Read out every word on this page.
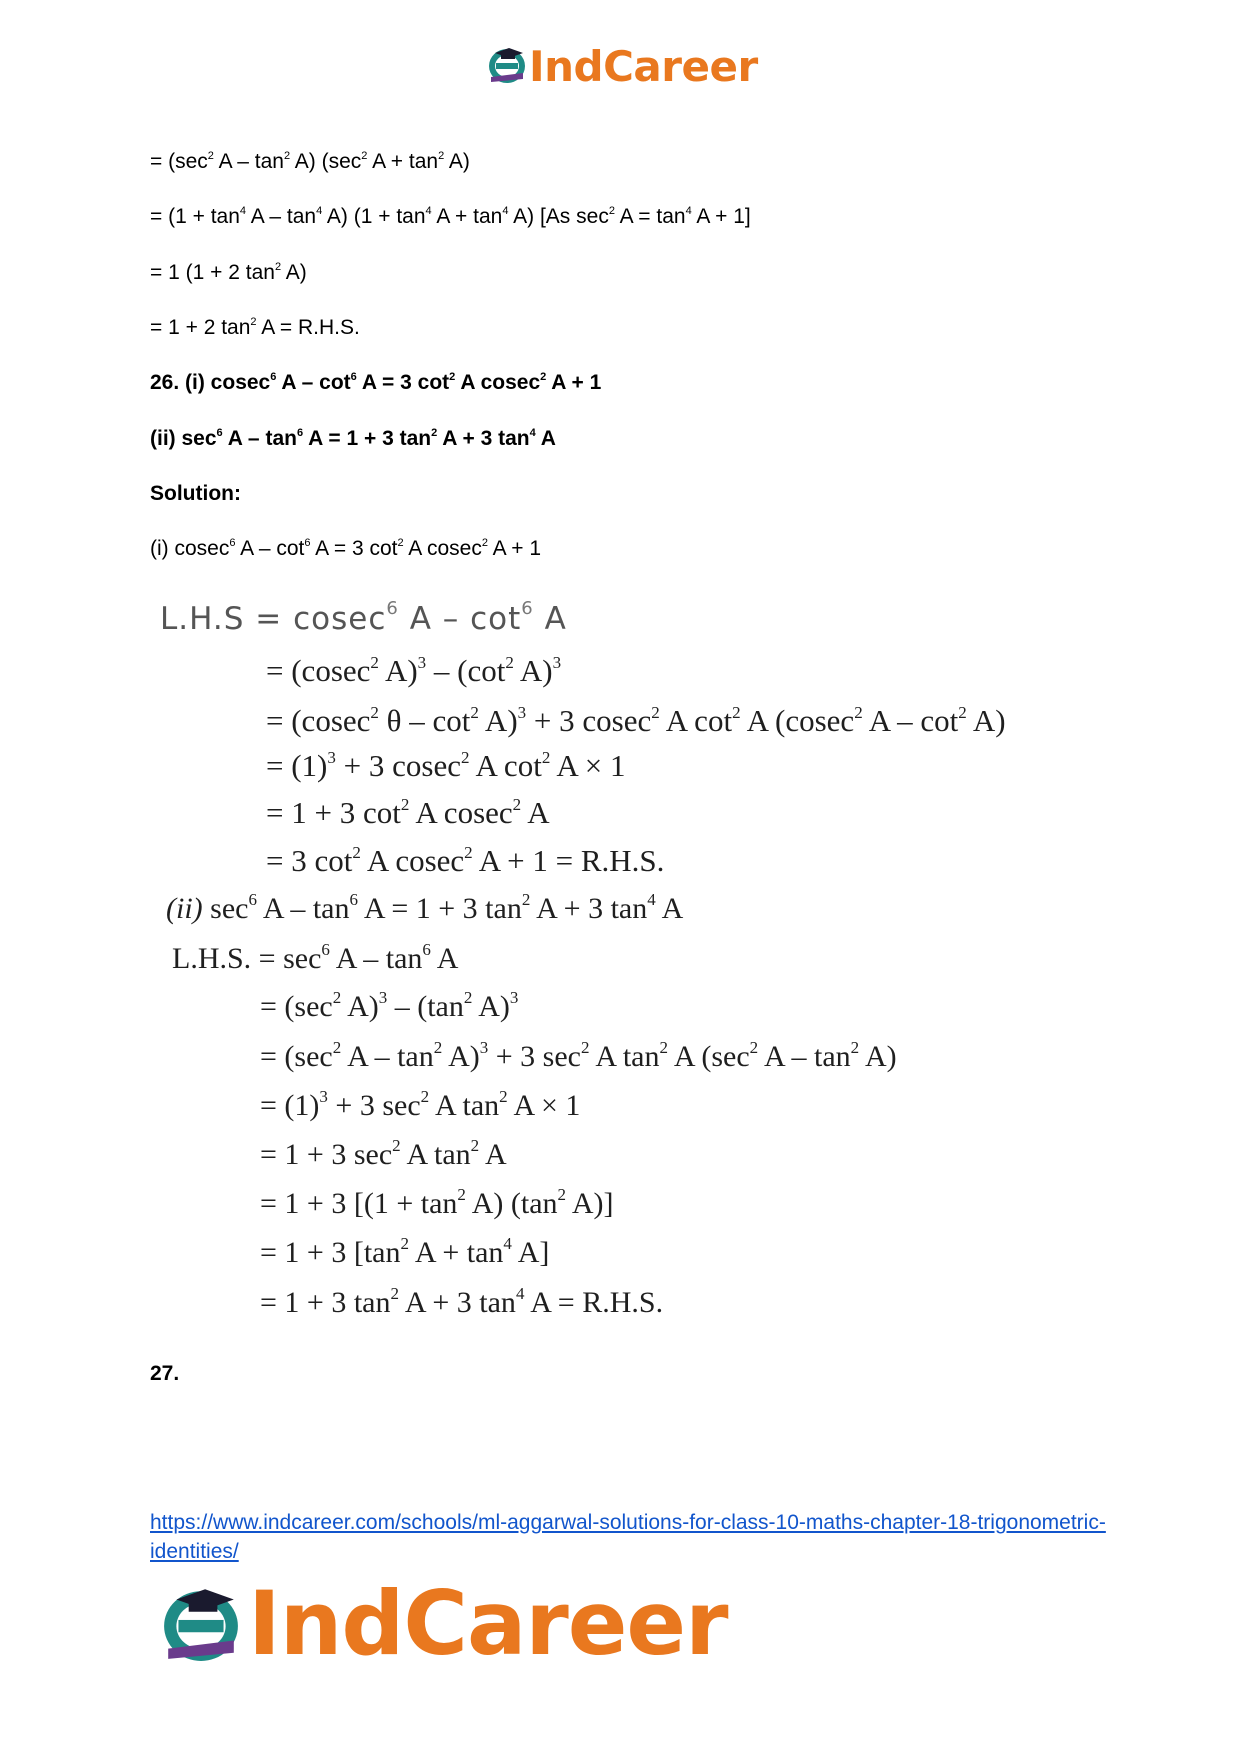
IndCareer
= ($\sec^2$ A – $\tan^2 A$) ($\sec^2$ $A + \tan^2 A$)
= $(1 + \tan^4 A - \tan^4 A)$ $(1 + \tan^4 A + \tan^4 A)$ [As $\sec^2 A = \tan^4 A + 1$]
= 1 (1 + 2 $\tan^2 A$)
= 1 + 2 $\tan^2 A = R.H.S$.
26. (i) cosec$^6$ $A - \cot^6 A = 3$ $\cot^2 A$ cosec$^2$ A + 1
(ii) $\sec^6 A - \tan^6 A = 1 + 3$ $\tan^2 A + 3$ $\tan^4 A$
Solution:
(i) cosec$^6$ $A - \cot^6 A = 3$ $\cot^2 A$ cosec$^2$ A + 1
L.H.S = cosec$^6$ A – $\cot^6 A$
= (cosec$^2$ $A)^3 - (\cot^2$ A)$^3$
= (cosec$^2$ $\theta - \cot^2 A)^3 + 3$ cosec$^2$ A $\cot^2 A$ (cosec$^2$ A – $\cot^2 A$)
= $(1)^3 + 3$ cosec$^2$ A $\cot^2 A \times 1$
= 1 + 3 $\cot^2 A$ cosec$^2$ A
= 3 $\cot^2 A$ cosec$^2$ A + 1 = R.H.S.
(ii) $\sec^6 A - \tan^6 A = 1 + 3$ $\tan^2 A + 3$ $\tan^4 A$
L.H.S. = $\sec^6 A - \tan^6 A$
= ($\sec^2$ $A)^3 - (\tan^2$ A)$^3$
= ($\sec^2$ $A - \tan^2 A)^3 + 3$ $\sec^2 A$ $\tan^2 A$ ($\sec^2$ A – $\tan^2 A$)
= $(1)^3 + 3$ $\sec^2 A$ $\tan^2 A \times 1$
= 1 + 3 $\sec^2 A$ $\tan^2 A$
= 1 + 3 [$(1 + \tan^2 A)$ ($\tan^2$ A)]
= 1 + 3 [$\tan^2$ $A + \tan^4 A$]
= 1 + 3 $\tan^2 A + 3$ $\tan^4 A = R.H.S$.
27.
https://www.indcareer.com/schools/ml-aggarwal-solutions-for-class-10-maths-chapter-18-trigonometric-identities/
IndCareer
